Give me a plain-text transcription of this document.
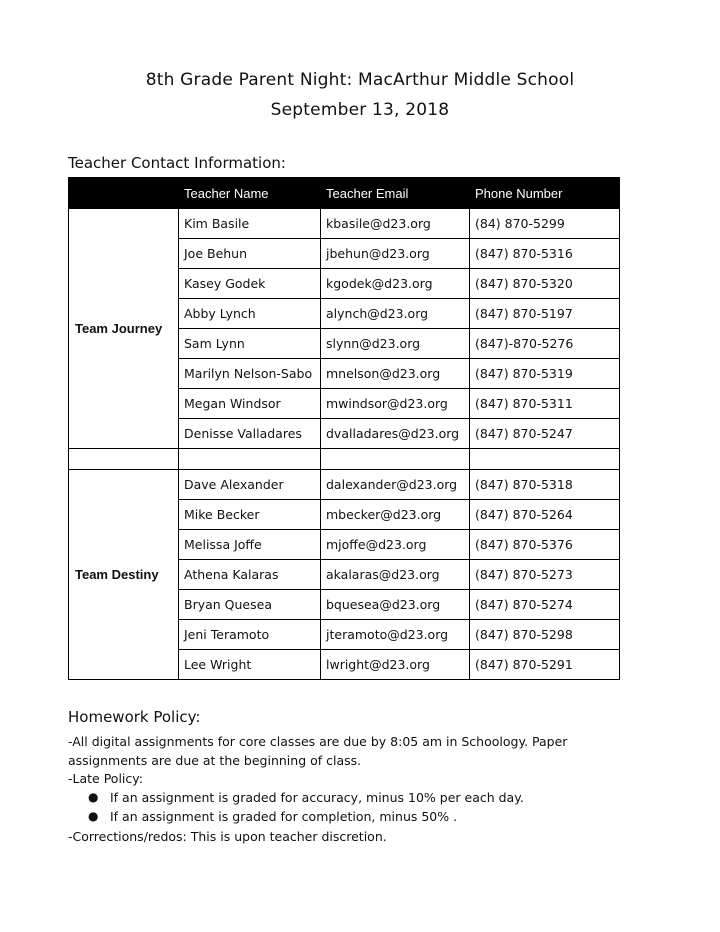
8th Grade Parent Night: MacArthur Middle School
September 13, 2018
Teacher Contact Information:
	Teacher Name	Teacher Email	Phone Number
Team Journey	Kim Basile	kbasile@d23.org	(84) 870-5299
	Joe Behun	jbehun@d23.org	(847) 870-5316
	Kasey Godek	kgodek@d23.org	(847) 870-5320
	Abby Lynch	alynch@d23.org	(847) 870-5197
	Sam Lynn	slynn@d23.org	(847)-870-5276
	Marilyn Nelson-Sabo	mnelson@d23.org	(847) 870-5319
	Megan Windsor	mwindsor@d23.org	(847) 870-5311
	Denisse Valladares	dvalladares@d23.org	(847) 870-5247

Team Destiny	Dave Alexander	dalexander@d23.org	(847) 870-5318
	Mike Becker	mbecker@d23.org	(847) 870-5264
	Melissa Joffe	mjoffe@d23.org	(847) 870-5376
	Athena Kalaras	akalaras@d23.org	(847) 870-5273
	Bryan Quesea	bquesea@d23.org	(847) 870-5274
	Jeni Teramoto	jteramoto@d23.org	(847) 870-5298
	Lee Wright	lwright@d23.org	(847) 870-5291
Homework Policy:
-All digital assignments for core classes are due by 8:05 am in Schoology. Paper assignments are due at the beginning of class.
-Late Policy:
● If an assignment is graded for accuracy, minus 10% per each day.
● If an assignment is graded for completion, minus 50% .
-Corrections/redos: This is upon teacher discretion.
